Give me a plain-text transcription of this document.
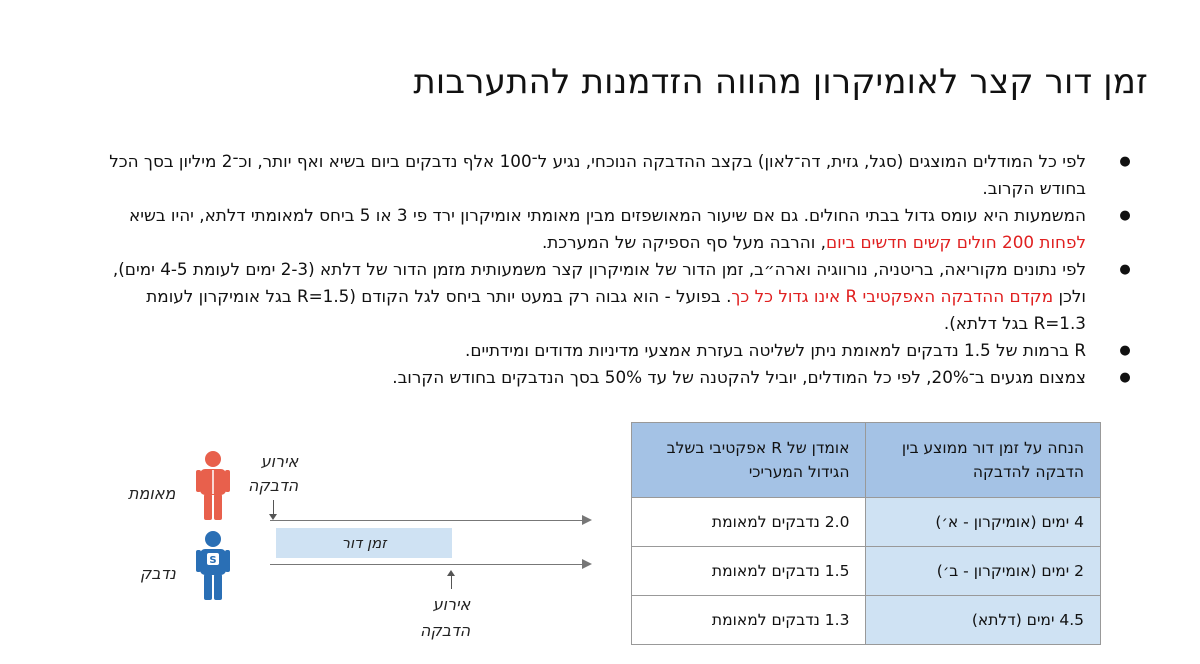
זמן דור קצר לאומיקרון מהווה הזדמנות להתערבות
●
לפי כל המודלים המוצגים (סגל, גזית, דה־לאון) בקצב ההדבקה הנוכחי, נגיע ל־100 אלף נדבקים ביום בשיא ואף יותר, וכ־2 מיליון בסך הכל בחודש הקרוב.
●
המשמעות היא עומס גדול בבתי החולים. גם אם שיעור המאושפזים מבין מאומתי אומיקרון ירד פי 3 או 5 ביחס למאומתי דלתא, יהיו בשיא לפחות 200 חולים קשים חדשים ביום, והרבה מעל סף הספיקה של המערכת.
●
לפי נתונים מקוריאה, בריטניה, נורווגיה וארה״ב, זמן הדור של אומיקרון קצר משמעותית מזמן הדור של דלתא (2-3 ימים לעומת 4-5 ימים), ולכן מקדם ההדבקה האפקטיבי R אינו גדול כל כך. בפועל - הוא גבוה רק במעט יותר ביחס לגל הקודם (R=1.5 בגל אומיקרון לעומת R=1.3 בגל דלתא).
●
R ברמות של 1.5 נדבקים למאומת ניתן לשליטה בעזרת אמצעי מדיניות מדודים ומידתיים.
●
צמצום מגעים ב־20%, לפי כל המודלים, יוביל להקטנה של עד 50% בסך הנדבקים בחודש הקרוב.
מאומת
נדבק
S
אירוע
הדבקה
זמן דור
אירוע
הדבקה
הנחה על זמן דור ממוצע בין הדבקה להדבקה	אומדן של R אפקטיבי בשלב הגידול המעריכי
4 ימים (אומיקרון - א׳)	2.0 נדבקים למאומת
2 ימים (אומיקרון - ב׳)	1.5 נדבקים למאומת
4.5 ימים (דלתא)	1.3 נדבקים למאומת
